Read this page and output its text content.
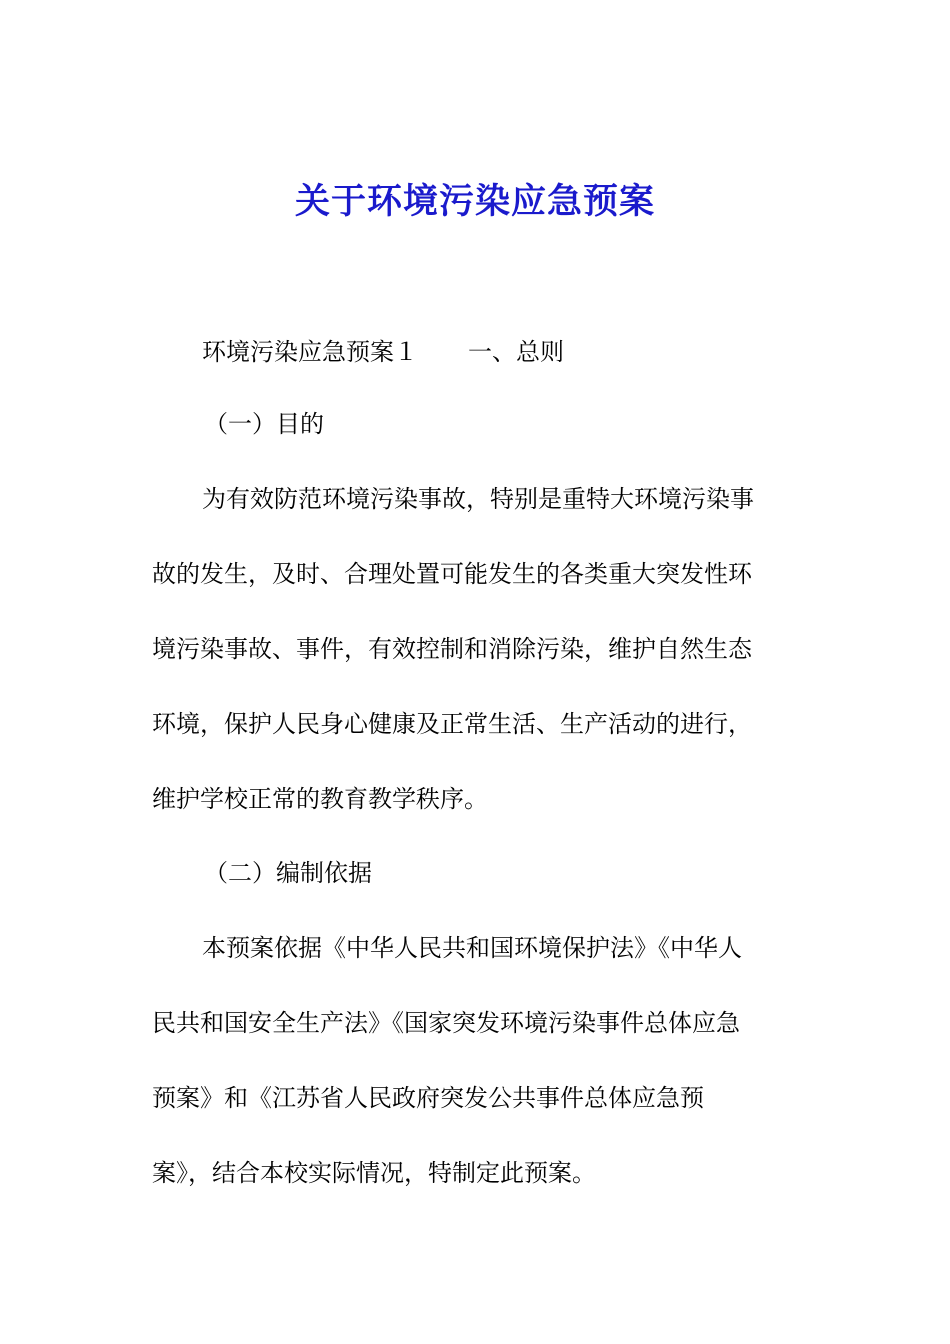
关于环境污染应急预案

环境污染应急预案１ 一、总则

（一）目的

为有效防范环境污染事故，特别是重特大环境污染事

故的发生，及时、合理处置可能发生的各类重大突发性环

境污染事故、事件，有效控制和消除污染，维护自然生态

环境，保护人民身心健康及正常生活、生产活动的进行，

维护学校正常的教育教学秩序。

（二）编制依据

本预案依据《中华人民共和国环境保护法》《中华人

民共和国安全生产法》《国家突发环境污染事件总体应急

预案》和《江苏省人民政府突发公共事件总体应急预

案》，结合本校实际情况，特制定此预案。
